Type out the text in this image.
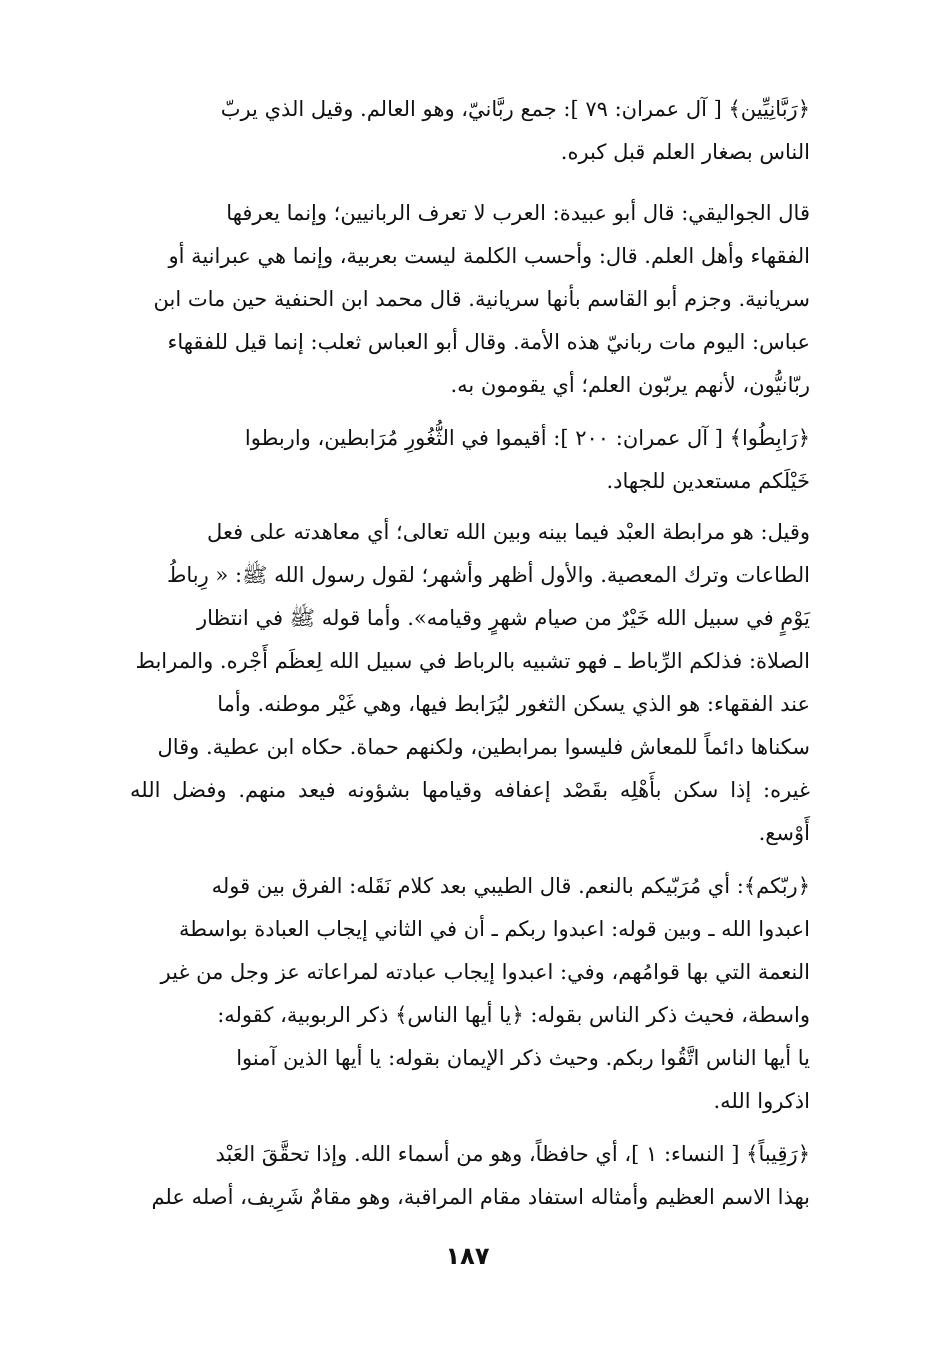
﴿رَبَّانِيِّين﴾ [ آل عمران: ٧٩ ]: جمع ربَّانيّ، وهو العالم. وقيل الذي يربّ
الناس بصغار العلم قبل كبره.

قال الجواليقي: قال أبو عبيدة: العرب لا تعرف الربانيين؛ وإنما يعرفها
الفقهاء وأهل العلم. قال: وأحسب الكلمة ليست بعربية، وإنما هي عبرانية أو
سريانية. وجزم أبو القاسم بأنها سريانية. قال محمد ابن الحنفية حين مات ابن
عباس: اليوم مات ربانيّ هذه الأمة. وقال أبو العباس ثعلب: إنما قيل للفقهاء
ربّانيُّون، لأنهم يربّون العلم؛ أي يقومون به.

﴿رَابِطُوا﴾ [ آل عمران: ٢٠٠ ]: أقيموا في الثُّغُورِ مُرَابطين، واربطوا
خَيْلَكم مستعدين للجهاد.

وقيل: هو مرابطة العبْد فيما بينه وبين الله تعالى؛ أي معاهدته على فعل
الطاعات وترك المعصية. والأول أظهر وأشهر؛ لقول رسول الله ﷺ: « رِباطُ
يَوْمٍ في سبيل الله خَيْرٌ من صيام شهرٍ وقيامه». وأما قوله ﷺ في انتظار
الصلاة: فذلكم الرِّباط ـ فهو تشبيه بالرباط في سبيل الله لِعظَم أَجْره. والمرابط
عند الفقهاء: هو الذي يسكن الثغور ليُرَابط فيها، وهي غَيْر موطنه. وأما
سكناها دائماً للمعاش فليسوا بمرابطين، ولكنهم حماة. حكاه ابن عطية. وقال
غيره: إذا سكن بأَهْلِه بقَصْد إعفافه وقيامها بشؤونه فيعد منهم. وفضل الله أَوْسع.

﴿ربّكم﴾: أي مُرَبّيكم بالنعم. قال الطيبي بعد كلام نَقَله: الفرق بين قوله
اعبدوا الله ـ وبين قوله: اعبدوا ربكم ـ أن في الثاني إيجاب العبادة بواسطة
النعمة التي بها قوامُهم، وفي: اعبدوا إيجاب عبادته لمراعاته عز وجل من غير
واسطة، فحيث ذكر الناس بقوله: ﴿يا أيها الناس﴾ ذكر الربوبية، كقوله:
يا أيها الناس اتَّقُوا ربكم. وحيث ذكر الإيمان بقوله: يا أيها الذين آمنوا
اذكروا الله.

﴿رَقِيباً﴾ [ النساء: ١ ]، أي حافظاً، وهو من أسماء الله. وإذا تحقَّقَ العَبْد
بهذا الاسم العظيم وأمثاله استفاد مقام المراقبة، وهو مقامٌ شَرِيف، أصله علم

١٨٧
